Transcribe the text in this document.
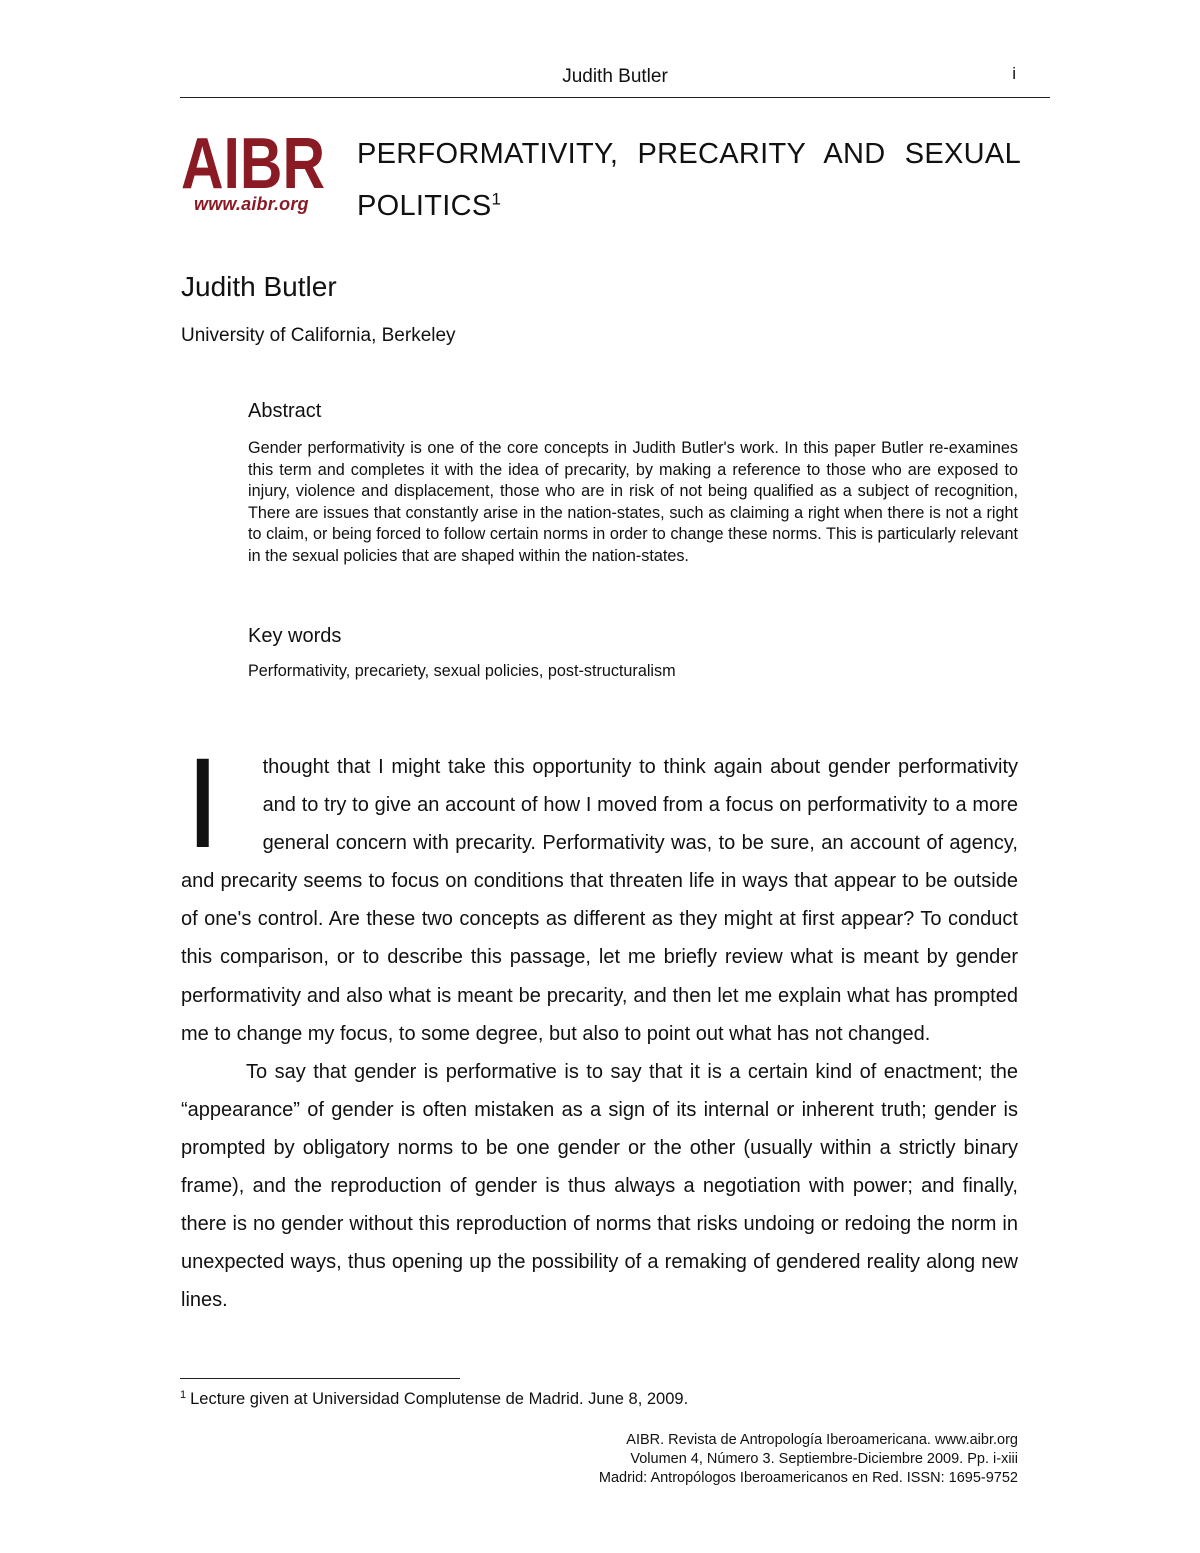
Judith Butler	i
AIBR
www.aibr.org
PERFORMATIVITY, PRECARITY AND SEXUAL POLITICS$^1$
Judith Butler
University of California, Berkeley
Abstract
Gender performativity is one of the core concepts in Judith Butler's work. In this paper Butler re-examines this term and completes it with the idea of precarity, by making a reference to those who are exposed to injury, violence and displacement, those who are in risk of not being qualified as a subject of recognition, There are issues that constantly arise in the nation-states, such as claiming a right when there is not a right to claim, or being forced to follow certain norms in order to change these norms. This is particularly relevant in the sexual policies that are shaped within the nation-states.
Key words
Performativity, precariety, sexual policies, post-structuralism
I	thought that I might take this opportunity to think again about gender performativity and to try to give an account of how I moved from a focus on performativity to a more general concern with precarity. Performativity was, to be sure, an account of agency, and precarity seems to focus on conditions that threaten life in ways that appear to be outside of one's control. Are these two concepts as different as they might at first appear? To conduct this comparison, or to describe this passage, let me briefly review what is meant by gender performativity and also what is meant be precarity, and then let me explain what has prompted me to change my focus, to some degree, but also to point out what has not changed.

To say that gender is performative is to say that it is a certain kind of enactment; the “appearance” of gender is often mistaken as a sign of its internal or inherent truth; gender is prompted by obligatory norms to be one gender or the other (usually within a strictly binary frame), and the reproduction of gender is thus always a negotiation with power; and finally, there is no gender without this reproduction of norms that risks undoing or redoing the norm in unexpected ways, thus opening up the possibility of a remaking of gendered reality along new lines.

$^1$ Lecture given at Universidad Complutense de Madrid. June 8, 2009.
AIBR. Revista de Antropología Iberoamericana. www.aibr.org
Volumen 4, Número 3. Septiembre-Diciembre 2009. Pp. i-xiii
Madrid: Antropólogos Iberoamericanos en Red. ISSN: 1695-9752
